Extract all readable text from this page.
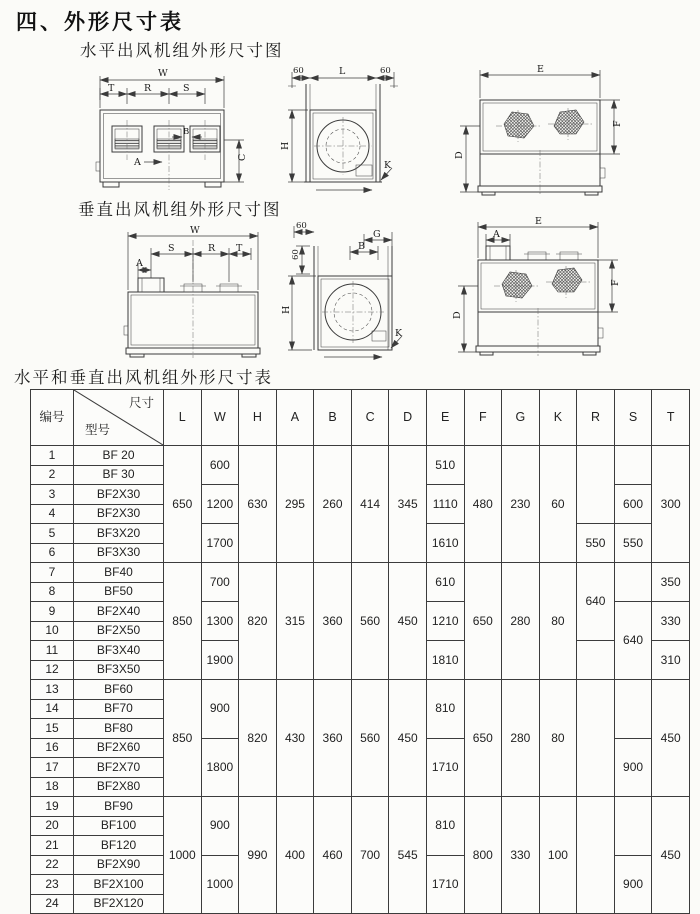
四、外形尺寸表
水平出风机组外形尺寸图
W
T	R	S
B
A	C
60	L	60
H
K
E
F
D
垂直出风机组外形尺寸图
W
S	R T
A
60
G
B
60
H
K
E
A
F
D
水平和垂直出风机组外形尺寸表
编号	尺寸
型号	L	W	H	A	B	C	D	E	F	G	K	R	S	T
1	BF 20	650	600	630	295	260	414	345	510	480	230	60			300
2	BF 30														
3	BF2X30		1200						1110					600	
4	BF2X30														
5	BF3X20		1700						1610				550	550	
6	BF3X30														
7	BF40	850	700	820	315	360	560	450	610	650	280	80	640		350
8	BF50														
9	BF2X40		1300						1210					640	330
10	BF2X50														
11	BF3X40		1900						1810						310
12	BF3X50														
13	BF60	850	900	820	430	360	560	450	810	650	280	80			450
14	BF70														
15	BF80														
16	BF2X60		1800						1710					900	
17	BF2X70														
18	BF2X80														
19	BF90	1000	900	990	400	460	700	545	810	800	330	100			450
20	BF100														
21	BF120														
22	BF2X90		1000						1710					900	
23	BF2X100														
24	BF2X120														
